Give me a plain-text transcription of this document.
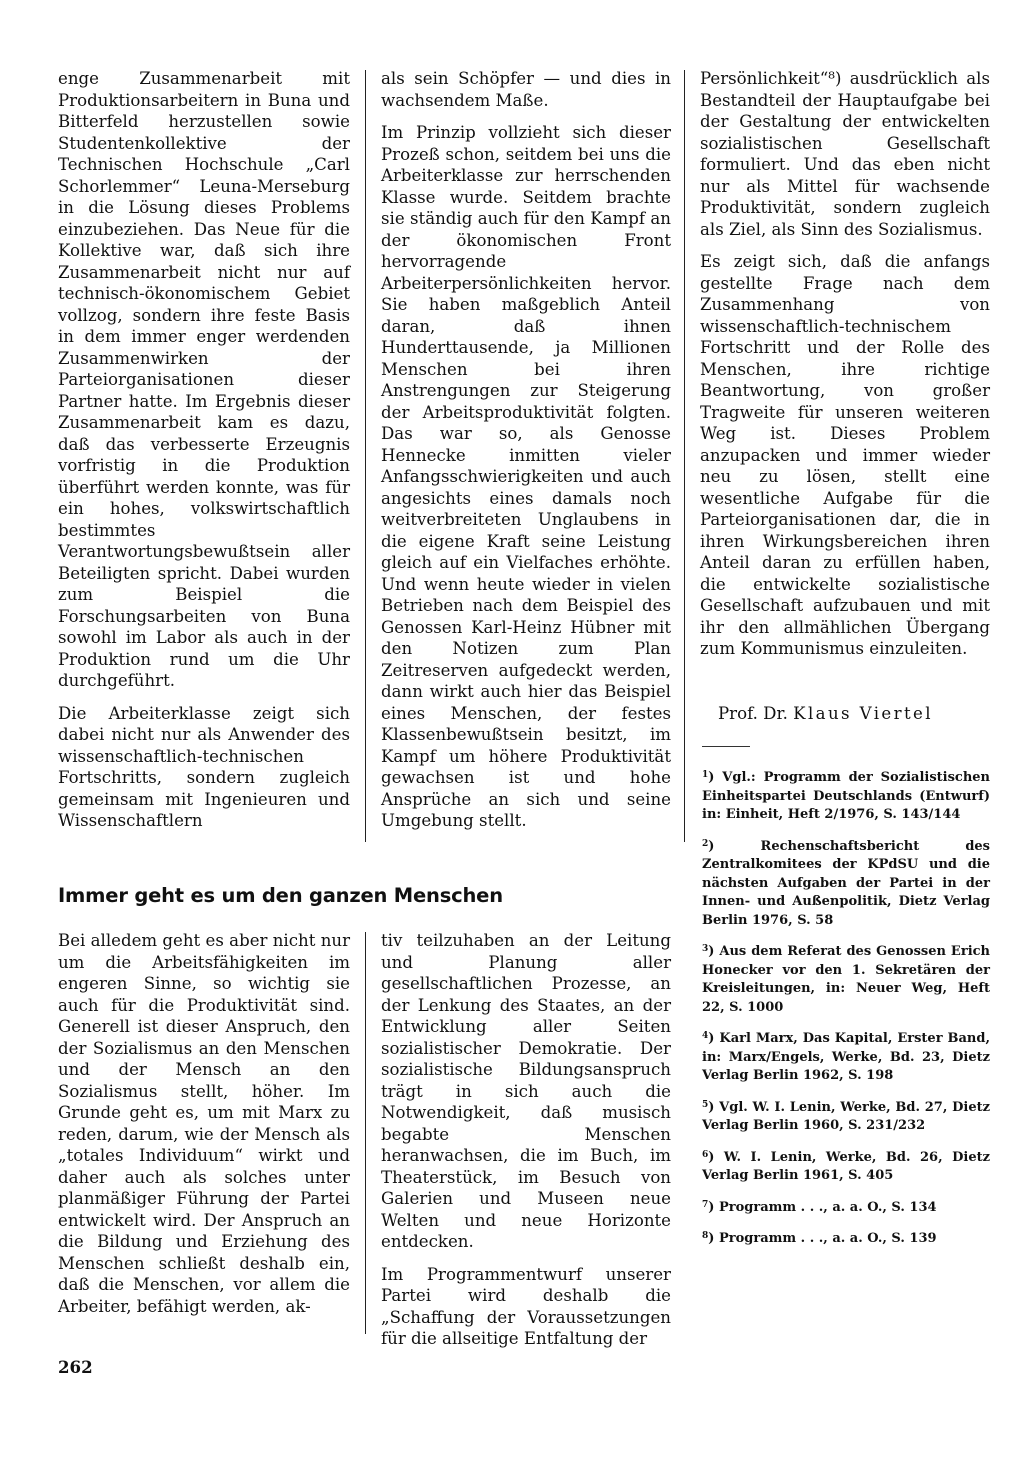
enge Zusammenarbeit mit Produktionsarbeitern in Buna und Bitterfeld herzustellen sowie Studentenkollektive der Technischen Hochschule „Carl Schorlemmer“ Leuna-Merseburg in die Lösung dieses Problems einzubeziehen. Das Neue für die Kollektive war, daß sich ihre Zusammenarbeit nicht nur auf technisch-ökonomischem Gebiet vollzog, sondern ihre feste Basis in dem immer enger werdenden Zusammenwirken der Parteiorganisationen dieser Partner hatte. Im Ergebnis dieser Zusammenarbeit kam es dazu, daß das verbesserte Erzeugnis vorfristig in die Produktion überführt werden konnte, was für ein hohes, volkswirtschaftlich bestimmtes Verantwortungsbewußtsein aller Beteiligten spricht. Dabei wurden zum Beispiel die Forschungsarbeiten von Buna sowohl im Labor als auch in der Produktion rund um die Uhr durchgeführt.

Die Arbeiterklasse zeigt sich dabei nicht nur als Anwender des wissenschaftlich-technischen Fortschritts, sondern zugleich gemeinsam mit Ingenieuren und Wissenschaftlern

als sein Schöpfer — und dies in wachsendem Maße.

Im Prinzip vollzieht sich dieser Prozeß schon, seitdem bei uns die Arbeiterklasse zur herrschenden Klasse wurde. Seitdem brachte sie ständig auch für den Kampf an der ökonomischen Front hervorragende Arbeiterpersönlichkeiten hervor. Sie haben maßgeblich Anteil daran, daß ihnen Hunderttausende, ja Millionen Menschen bei ihren Anstrengungen zur Steigerung der Arbeitsproduktivität folgten. Das war so, als Genosse Hennecke inmitten vieler Anfangsschwierigkeiten und auch angesichts eines damals noch weitverbreiteten Unglaubens in die eigene Kraft seine Leistung gleich auf ein Vielfaches erhöhte. Und wenn heute wieder in vielen Betrieben nach dem Beispiel des Genossen Karl-Heinz Hübner mit den Notizen zum Plan Zeitreserven aufgedeckt werden, dann wirkt auch hier das Beispiel eines Menschen, der festes Klassenbewußtsein besitzt, im Kampf um höhere Produktivität gewachsen ist und hohe Ansprüche an sich und seine Umgebung stellt.

Persönlichkeit“⁸) ausdrücklich als Bestandteil der Hauptaufgabe bei der Gestaltung der entwickelten sozialistischen Gesellschaft formuliert. Und das eben nicht nur als Mittel für wachsende Produktivität, sondern zugleich als Ziel, als Sinn des Sozialismus.

Es zeigt sich, daß die anfangs gestellte Frage nach dem Zusammenhang von wissenschaftlich-technischem Fortschritt und der Rolle des Menschen, ihre richtige Beantwortung, von großer Tragweite für unseren weiteren Weg ist. Dieses Problem anzupacken und immer wieder neu zu lösen, stellt eine wesentliche Aufgabe für die Parteiorganisationen dar, die in ihren Wirkungsbereichen ihren Anteil daran zu erfüllen haben, die entwickelte sozialistische Gesellschaft aufzubauen und mit ihr den allmählichen Übergang zum Kommunismus einzuleiten.

Prof. Dr. Klaus Viertel
$^1$) Vgl.: Programm der Sozialistischen Einheitspartei Deutschlands (Entwurf) in: Einheit, Heft 2/1976, S. 143/144
$^2$) Rechenschaftsbericht des Zentralkomitees der KPdSU und die nächsten Aufgaben der Partei in der Innen- und Außenpolitik, Dietz Verlag Berlin 1976, S. 58
$^3$) Aus dem Referat des Genossen Erich Honecker vor den 1. Sekretären der Kreisleitungen, in: Neuer Weg, Heft 22, S. 1000
$^4$) Karl Marx, Das Kapital, Erster Band, in: Marx/Engels, Werke, Bd. 23, Dietz Verlag Berlin 1962, S. 198
$^5$) Vgl. W. I. Lenin, Werke, Bd. 27, Dietz Verlag Berlin 1960, S. 231/232
$^6$) W. I. Lenin, Werke, Bd. 26, Dietz Verlag Berlin 1961, S. 405
$^7$) Programm . . ., a. a. O., S. 134
$^8$) Programm . . ., a. a. O., S. 139
Immer geht es um den ganzen Menschen

Bei alledem geht es aber nicht nur um die Arbeitsfähigkeiten im engeren Sinne, so wichtig sie auch für die Produktivität sind. Generell ist dieser Anspruch, den der Sozialismus an den Menschen und der Mensch an den Sozialismus stellt, höher. Im Grunde geht es, um mit Marx zu reden, darum, wie der Mensch als „totales Individuum“ wirkt und daher auch als solches unter planmäßiger Führung der Partei entwickelt wird. Der Anspruch an die Bildung und Erziehung des Menschen schließt deshalb ein, daß die Menschen, vor allem die Arbeiter, befähigt werden, ak-

tiv teilzuhaben an der Leitung und Planung aller gesellschaftlichen Prozesse, an der Lenkung des Staates, an der Entwicklung aller Seiten sozialistischer Demokratie. Der sozialistische Bildungsanspruch trägt in sich auch die Notwendigkeit, daß musisch begabte Menschen heranwachsen, die im Buch, im Theaterstück, im Besuch von Galerien und Museen neue Welten und neue Horizonte entdecken.

Im Programmentwurf unserer Partei wird deshalb die „Schaffung der Voraussetzungen für die allseitige Entfaltung der

262
